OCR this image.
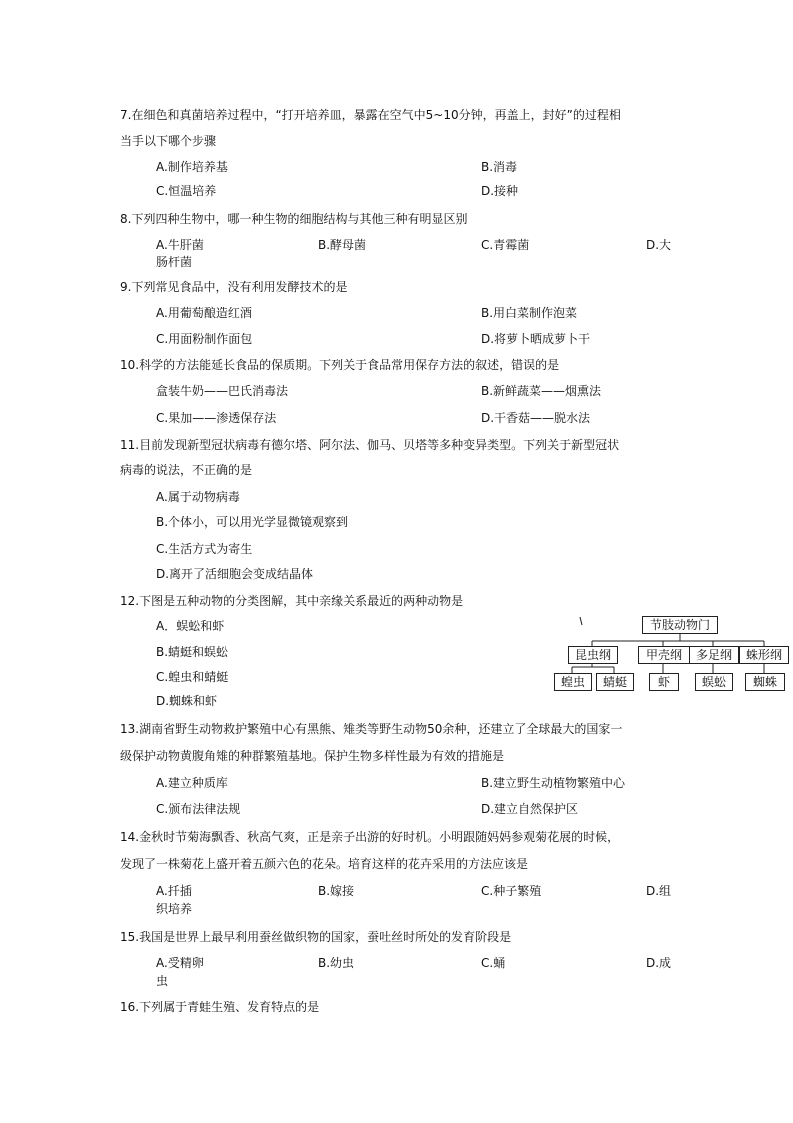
7.在细色和真菌培养过程中，“打开培养皿，暴露在空气中5~10分钟，再盖上，封好”的过程相
当手以下哪个步骤
A.制作培养基	B.消毒
C.恒温培养	D.接种
8.下列四种生物中，哪一种生物的细胞结构与其他三种有明显区别
A.牛肝菌	B.酵母菌	C.青霉菌	D.大
肠杆菌
9.下列常见食品中，没有利用发酵技术的是
A.用葡萄酿造红酒	B.用白菜制作泡菜
C.用面粉制作面包	D.将萝卜晒成萝卜干
10.科学的方法能延长食品的保质期。下列关于食品常用保存方法的叙述，错误的是
盒装牛奶——巴氏消毒法	B.新鲜蔬菜——烟熏法
C.果加——渗透保存法	D.干香菇——脱水法
11.目前发现新型冠状病毒有德尔塔、阿尔法、伽马、贝塔等多种变异类型。下列关于新型冠状
病毒的说法，不正确的是
A.属于动物病毒
B.个体小，可以用光学显微镜观察到
C.生活方式为寄生
D.离开了活细胞会变成结晶体
12.下图是五种动物的分类图解，其中亲缘关系最近的两种动物是
A．蜈蚣和虾
B.蜻蜓和蜈蚣
C.蝗虫和蜻蜓
D.蜘蛛和虾
节肢动物门
昆虫纲	甲壳纲	多足纲	蛛形纲
蝗虫	蜻蜓	虾	蜈蚣	蜘蛛
13.湖南省野生动物救护繁殖中心有黑熊、雉类等野生动物50余种，还建立了全球最大的国家一
级保护动物黄腹角雉的种群繁殖基地。保护生物多样性最为有效的措施是
A.建立种质库	B.建立野生动植物繁殖中心
C.颁布法律法规	D.建立自然保护区
14.金秋时节菊海飘香、秋高气爽，正是亲子出游的好时机。小明跟随妈妈参观菊花展的时候，
发现了一株菊花上盛开着五颜六色的花朵。培育这样的花卉采用的方法应该是
A.扦插	B.嫁接	C.种子繁殖	D.组
织培养
15.我国是世界上最早利用蚕丝做织物的国家，蚕吐丝时所处的发育阶段是
A.受精卵	B.幼虫	C.蛹	D.成
虫
16.下列属于青蛙生殖、发育特点的是
